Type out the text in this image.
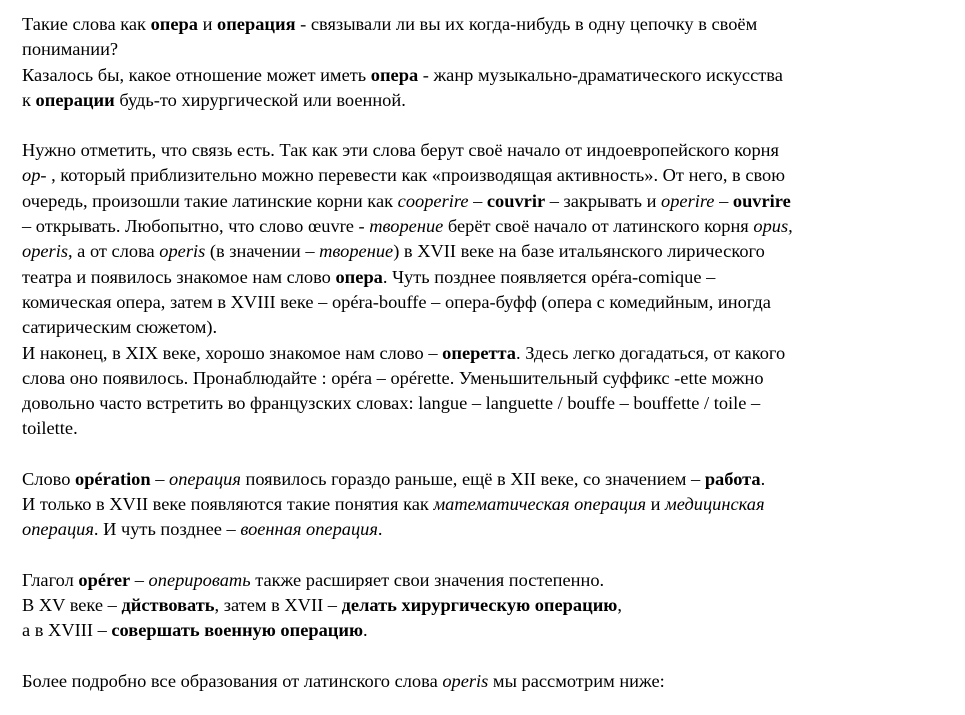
Такие слова как опера и операция - связывали ли вы их когда-нибудь в одну цепочку в своём
понимании?
Казалось бы, какое отношение может иметь опера - жанр музыкально-драматического искусства
к операции будь-то хирургической или военной.

Нужно отметить, что связь есть. Так как эти слова берут своё начало от индоевропейского корня
op- , который приблизительно можно перевести как «производящая активность». От него, в свою
очередь, произошли такие латинские корни как cooperire – couvrir – закрывать и operire – ouvrire
– открывать. Любопытно, что слово œuvre - творение берёт своё начало от латинского корня opus,
operis, а от слова operis (в значении – творение) в XVII веке на базе итальянского лирического
театра и появилось знакомое нам слово опера. Чуть позднее появляется opéra-comique –
комическая опера, затем в XVIII веке – opéra-bouffe – опера-буфф (опера с комедийным, иногда
сатирическим сюжетом).
И наконец, в XIX веке, хорошо знакомое нам слово – оперетта. Здесь легко догадаться, от какого
слова оно появилось. Пронаблюдайте : opéra – opérette. Уменьшительный суффикс -ette можно
довольно часто встретить во французских словах: langue – languette / bouffe – bouffette / toile –
toilette.

Слово opération – операция появилось гораздо раньше, ещё в XII веке, со значением – работа.
И только в XVII веке появляются такие понятия как математическая операция и медицинская
операция. И чуть позднее – военная операция.

Глагол opérer – оперировать также расширяет свои значения постепенно.
В XV веке – дйствовать, затем в XVII – делать хирургическую операцию,
а в XVIII – совершать военную операцию.

Более подробно все образования от латинского слова operis мы рассмотрим ниже:
